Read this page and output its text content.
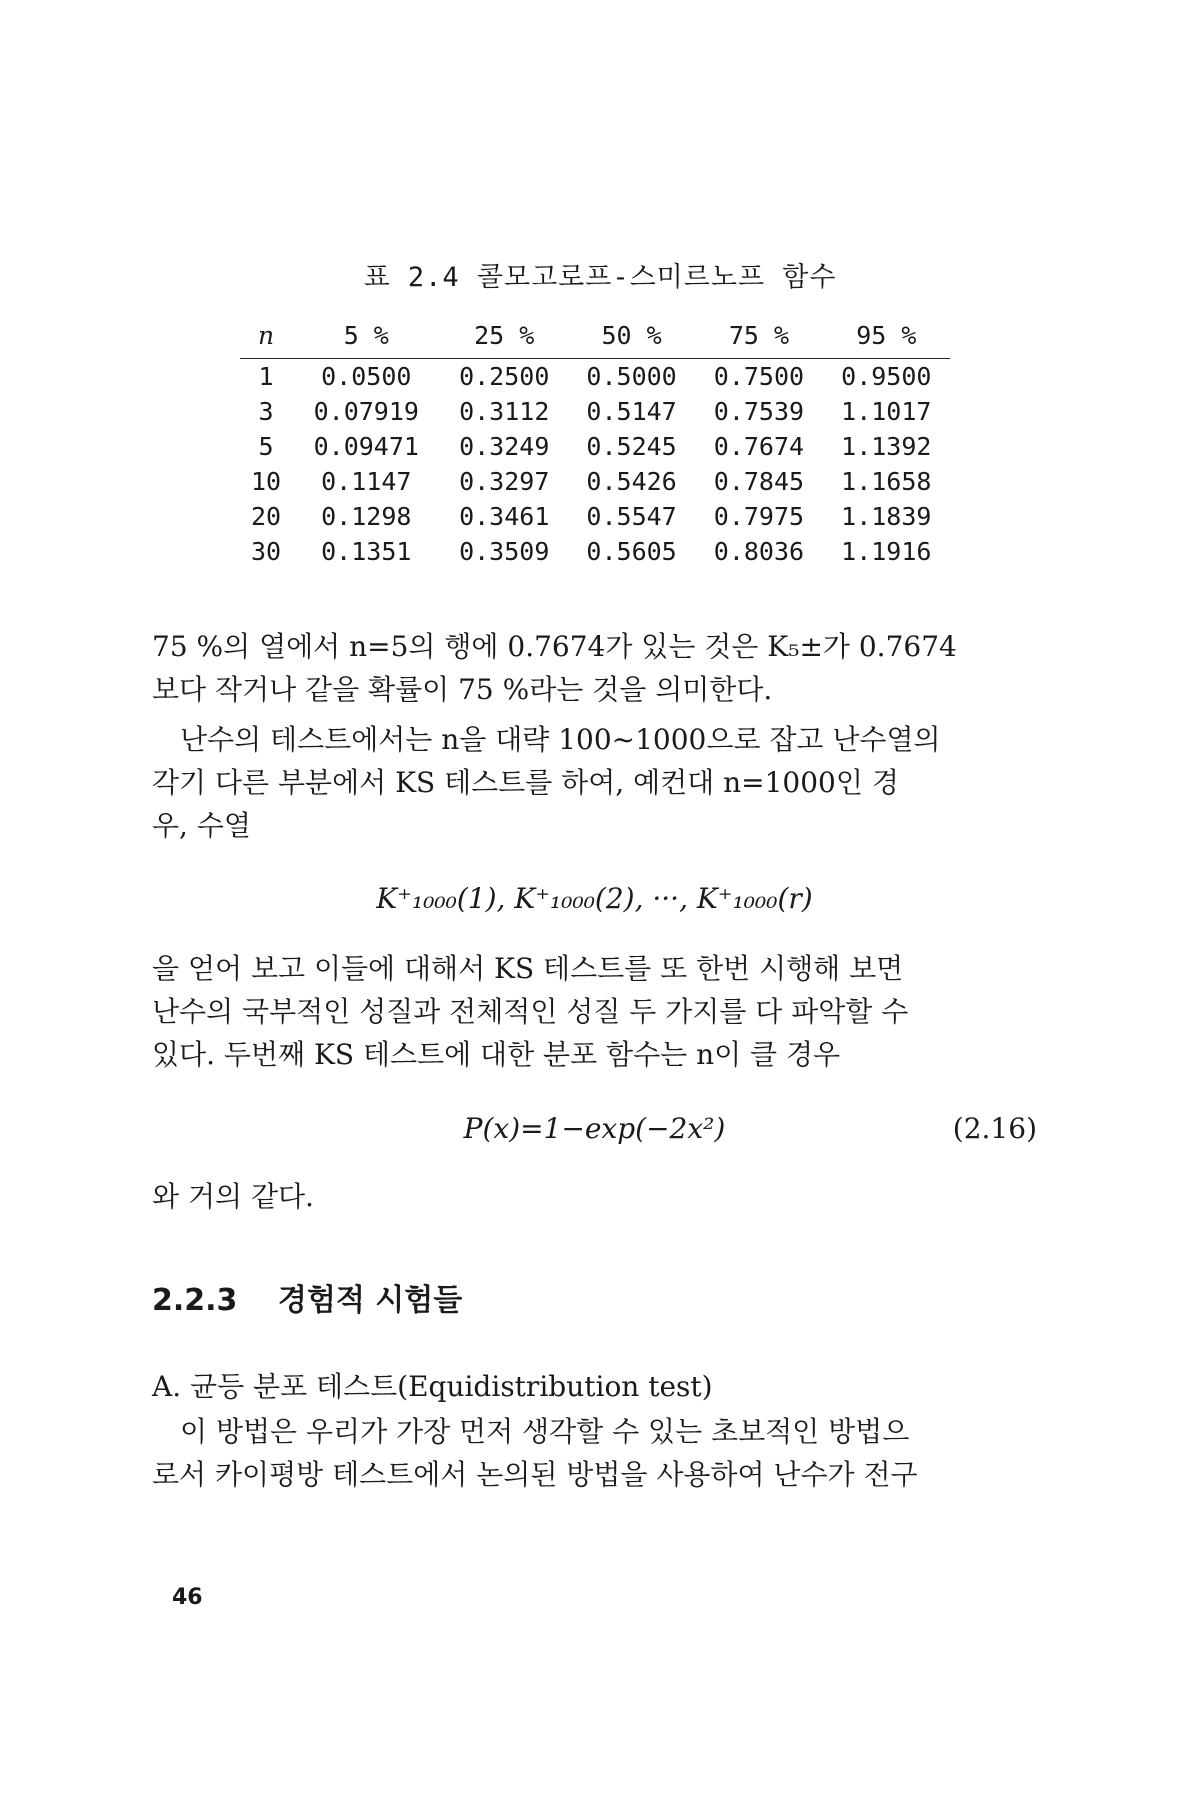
표 2.4 콜모고로프-스미르노프 함수
n	5 %	25 %	50 %	75 %	95 %
1	0.0500	0.2500	0.5000	0.7500	0.9500
3	0.07919	0.3112	0.5147	0.7539	1.1017
5	0.09471	0.3249	0.5245	0.7674	1.1392
10	0.1147	0.3297	0.5426	0.7845	1.1658
20	0.1298	0.3461	0.5547	0.7975	1.1839
30	0.1351	0.3509	0.5605	0.8036	1.1916
75 %의 열에서 n=5의 행에 0.7674가 있는 것은 K₅±가 0.7674
보다 작거나 같을 확률이 75 %라는 것을 의미한다.
난수의 테스트에서는 n을 대략 100~1000으로 잡고 난수열의
각기 다른 부분에서 KS 테스트를 하여, 예컨대 n=1000인 경
우, 수열
K⁺₁₀₀₀(1), K⁺₁₀₀₀(2), ···, K⁺₁₀₀₀(r)
을 얻어 보고 이들에 대해서 KS 테스트를 또 한번 시행해 보면
난수의 국부적인 성질과 전체적인 성질 두 가지를 다 파악할 수
있다. 두번째 KS 테스트에 대한 분포 함수는 n이 클 경우
P(x)=1−exp(−2x²)	(2.16)
와 거의 같다.
2.2.3 경험적 시험들
A. 균등 분포 테스트(Equidistribution test)
이 방법은 우리가 가장 먼저 생각할 수 있는 초보적인 방법으
로서 카이평방 테스트에서 논의된 방법을 사용하여 난수가 전구
46
